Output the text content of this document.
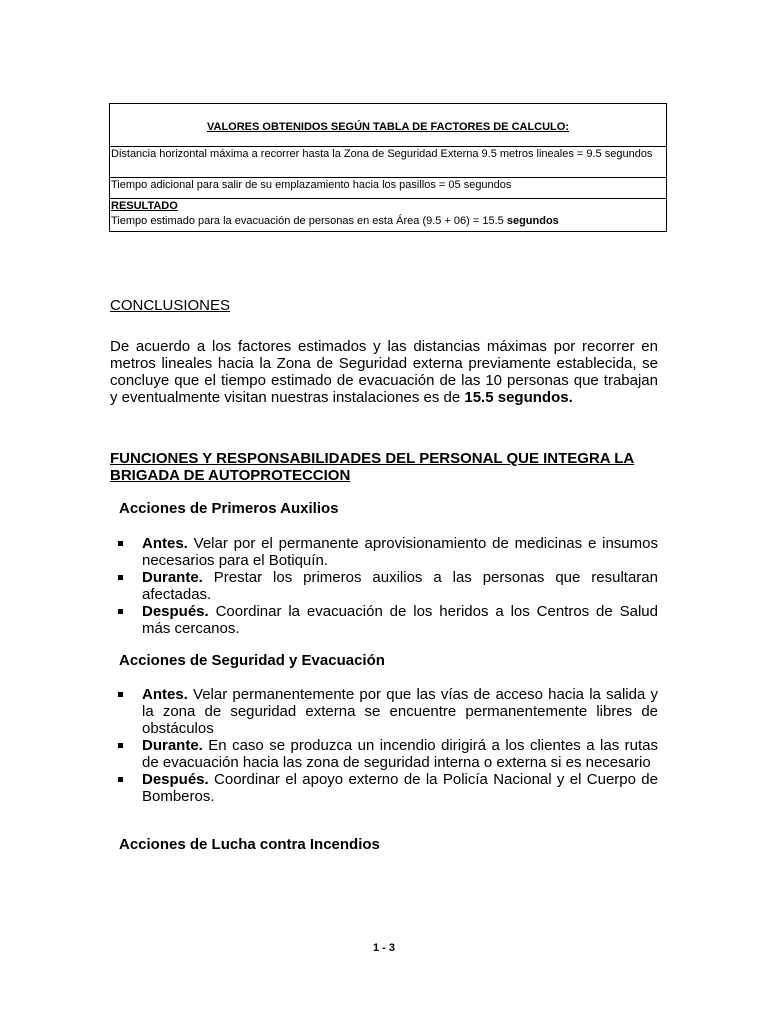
VALORES OBTENIDOS SEGÚN TABLA DE FACTORES DE CALCULO:
Distancia horizontal máxima a recorrer hasta la Zona de Seguridad Externa 9.5 metros lineales = 9.5 segundos
Tiempo adicional para salir de su emplazamiento hacia los pasillos = 05 segundos

RESULTADO
Tiempo estimado para la evacuación de personas en esta Área (9.5 + 06) = 15.5 segundos
CONCLUSIONES

De acuerdo a los factores estimados y las distancias máximas por recorrer en metros lineales hacia la Zona de Seguridad externa previamente establecida, se concluye que el tiempo estimado de evacuación de las 10 personas que trabajan y eventualmente visitan nuestras instalaciones es de 15.5 segundos.

FUNCIONES Y RESPONSABILIDADES DEL PERSONAL QUE INTEGRA LA
BRIGADA DE AUTOPROTECCION
Acciones de Primeros Auxilios
Antes. Velar por el permanente aprovisionamiento de medicinas e insumos necesarios para el Botiquín.
Durante. Prestar los primeros auxilios a las personas que resultaran afectadas.
Después. Coordinar la evacuación de los heridos a los Centros de Salud más cercanos.
Acciones de Seguridad y Evacuación
Antes. Velar permanentemente por que las vías de acceso hacia la salida y la zona de seguridad externa se encuentre permanentemente libres de obstáculos
Durante. En caso se produzca un incendio dirigirá a los clientes a las rutas de evacuación hacia las zona de seguridad interna o externa si es necesario
Después. Coordinar el apoyo externo de la Policía Nacional y el Cuerpo de Bomberos.
Acciones de Lucha contra Incendios

1 - 3
